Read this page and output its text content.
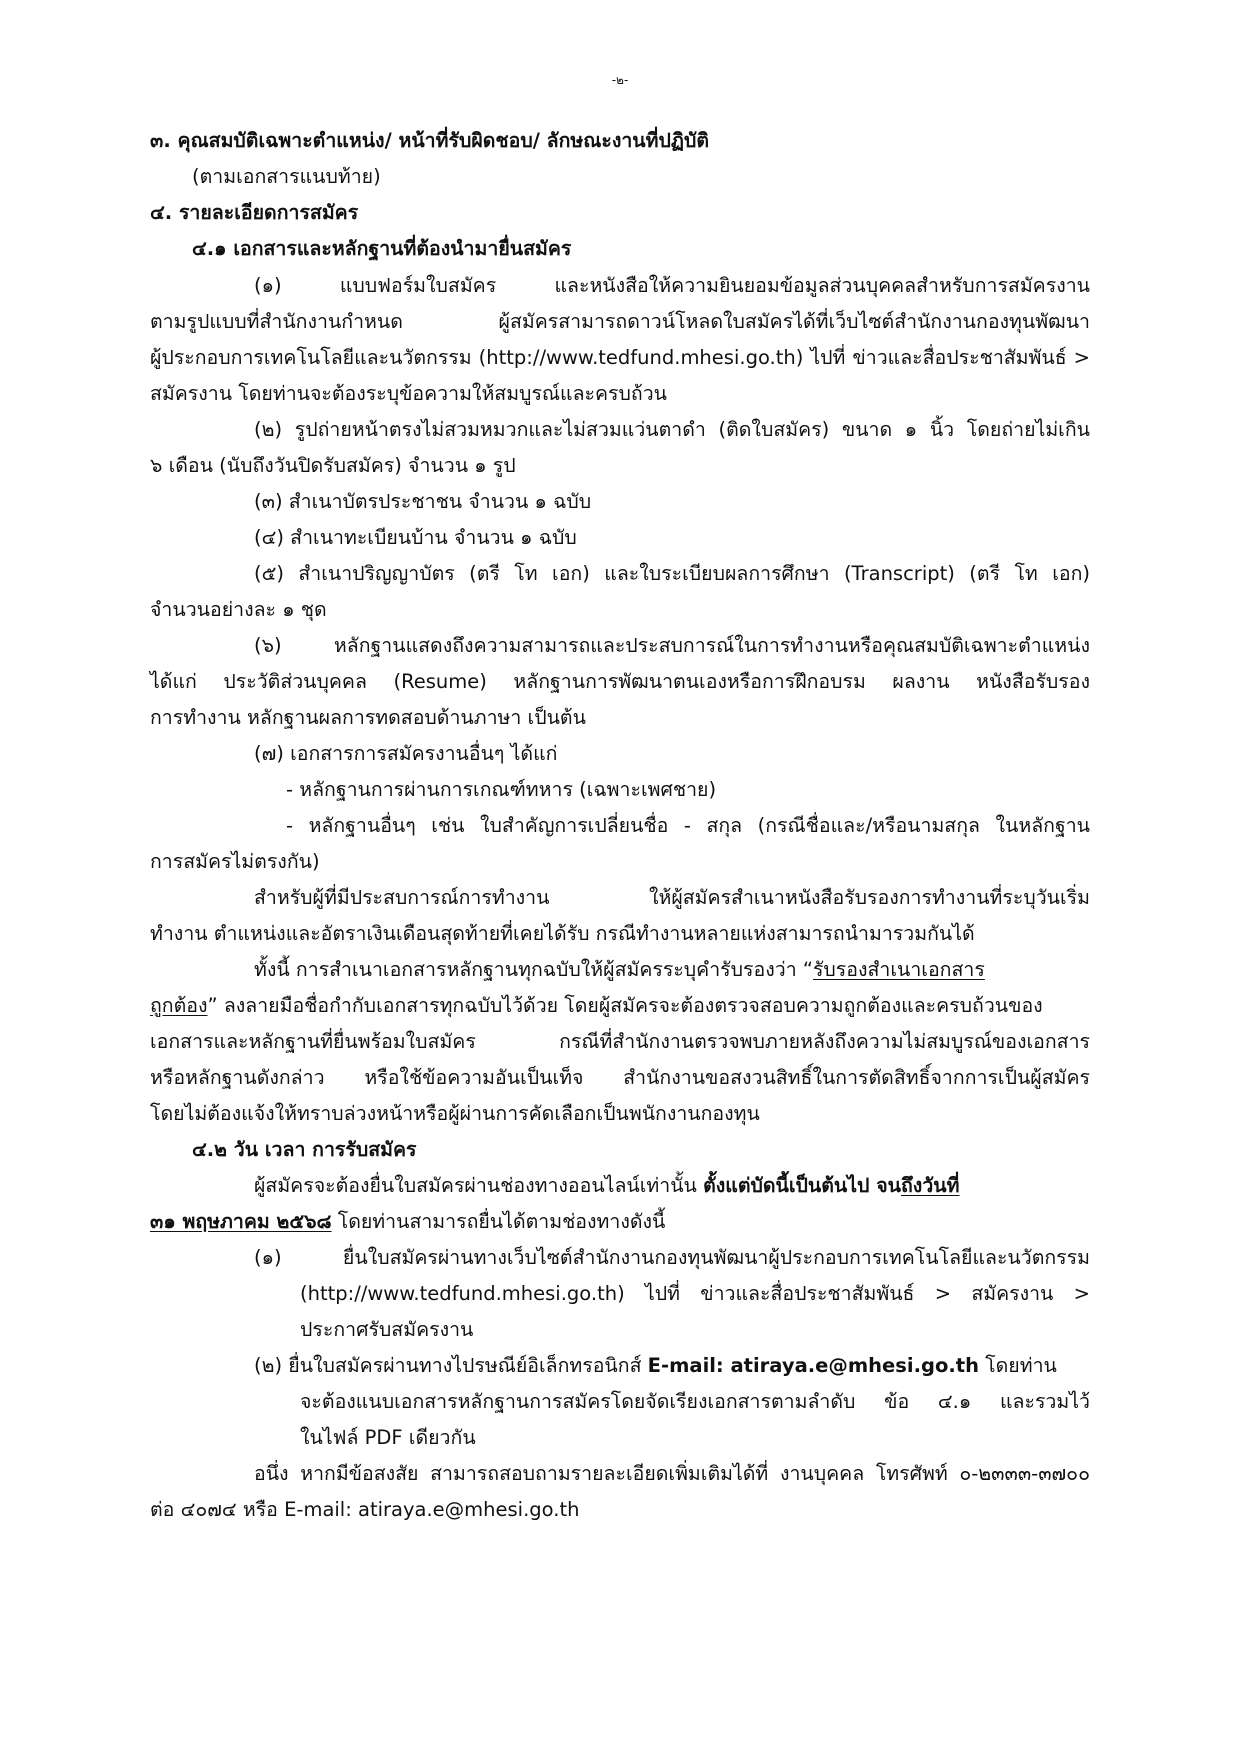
-๒-
๓. คุณสมบัติเฉพาะตำแหน่ง/ หน้าที่รับผิดชอบ/ ลักษณะงานที่ปฏิบัติ
(ตามเอกสารแนบท้าย)
๔. รายละเอียดการสมัคร
๔.๑ เอกสารและหลักฐานที่ต้องนำมายื่นสมัคร
(๑) แบบฟอร์มใบสมัคร และหนังสือให้ความยินยอมข้อมูลส่วนบุคคลสำหรับการสมัครงาน
ตามรูปแบบที่สำนักงานกำหนด ผู้สมัครสามารถดาวน์โหลดใบสมัครได้ที่เว็บไซต์สำนักงานกองทุนพัฒนา
ผู้ประกอบการเทคโนโลยีและนวัตกรรม (http://www.tedfund.mhesi.go.th) ไปที่ ข่าวและสื่อประชาสัมพันธ์ >
สมัครงาน โดยท่านจะต้องระบุข้อความให้สมบูรณ์และครบถ้วน
(๒) รูปถ่ายหน้าตรงไม่สวมหมวกและไม่สวมแว่นตาดำ (ติดใบสมัคร) ขนาด ๑ นิ้ว โดยถ่ายไม่เกิน
๖ เดือน (นับถึงวันปิดรับสมัคร) จำนวน ๑ รูป
(๓) สำเนาบัตรประชาชน จำนวน ๑ ฉบับ
(๔) สำเนาทะเบียนบ้าน จำนวน ๑ ฉบับ
(๕) สำเนาปริญญาบัตร (ตรี โท เอก) และใบระเบียบผลการศึกษา (Transcript) (ตรี โท เอก)
จำนวนอย่างละ ๑ ชุด
(๖) หลักฐานแสดงถึงความสามารถและประสบการณ์ในการทำงานหรือคุณสมบัติเฉพาะตำแหน่ง
ได้แก่ ประวัติส่วนบุคคล (Resume) หลักฐานการพัฒนาตนเองหรือการฝึกอบรม ผลงาน หนังสือรับรอง
การทำงาน หลักฐานผลการทดสอบด้านภาษา เป็นต้น
(๗) เอกสารการสมัครงานอื่นๆ ได้แก่
- หลักฐานการผ่านการเกณฑ์ทหาร (เฉพาะเพศชาย)
- หลักฐานอื่นๆ เช่น ใบสำคัญการเปลี่ยนชื่อ - สกุล (กรณีชื่อและ/หรือนามสกุล ในหลักฐาน
การสมัครไม่ตรงกัน)
สำหรับผู้ที่มีประสบการณ์การทำงาน ให้ผู้สมัครสำเนาหนังสือรับรองการทำงานที่ระบุวันเริ่ม
ทำงาน ตำแหน่งและอัตราเงินเดือนสุดท้ายที่เคยได้รับ กรณีทำงานหลายแห่งสามารถนำมารวมกันได้
ทั้งนี้ การสำเนาเอกสารหลักฐานทุกฉบับให้ผู้สมัครระบุคำรับรองว่า “รับรองสำเนาเอกสาร
ถูกต้อง” ลงลายมือชื่อกำกับเอกสารทุกฉบับไว้ด้วย โดยผู้สมัครจะต้องตรวจสอบความถูกต้องและครบถ้วนของ
เอกสารและหลักฐานที่ยื่นพร้อมใบสมัคร กรณีที่สำนักงานตรวจพบภายหลังถึงความไม่สมบูรณ์ของเอกสาร
หรือหลักฐานดังกล่าว หรือใช้ข้อความอันเป็นเท็จ สำนักงานขอสงวนสิทธิ์ในการตัดสิทธิ์จากการเป็นผู้สมัคร
โดยไม่ต้องแจ้งให้ทราบล่วงหน้าหรือผู้ผ่านการคัดเลือกเป็นพนักงานกองทุน
๔.๒ วัน เวลา การรับสมัคร
ผู้สมัครจะต้องยื่นใบสมัครผ่านช่องทางออนไลน์เท่านั้น ตั้งแต่บัดนี้เป็นต้นไป จนถึงวันที่
๓๑ พฤษภาคม ๒๕๖๘ โดยท่านสามารถยื่นได้ตามช่องทางดังนี้
(๑) ยื่นใบสมัครผ่านทางเว็บไซต์สำนักงานกองทุนพัฒนาผู้ประกอบการเทคโนโลยีและนวัตกรรม
(http://www.tedfund.mhesi.go.th) ไปที่ ข่าวและสื่อประชาสัมพันธ์ > สมัครงาน >
ประกาศรับสมัครงาน
(๒) ยื่นใบสมัครผ่านทางไปรษณีย์อิเล็กทรอนิกส์ E-mail: atiraya.e@mhesi.go.th โดยท่าน
จะต้องแนบเอกสารหลักฐานการสมัครโดยจัดเรียงเอกสารตามลำดับ ข้อ ๔.๑ และรวมไว้
ในไฟล์ PDF เดียวกัน
อนึ่ง หากมีข้อสงสัย สามารถสอบถามรายละเอียดเพิ่มเติมได้ที่ งานบุคคล โทรศัพท์ ๐-๒๓๓๓-๓๗๐๐
ต่อ ๔๐๗๔ หรือ E-mail: atiraya.e@mhesi.go.th
